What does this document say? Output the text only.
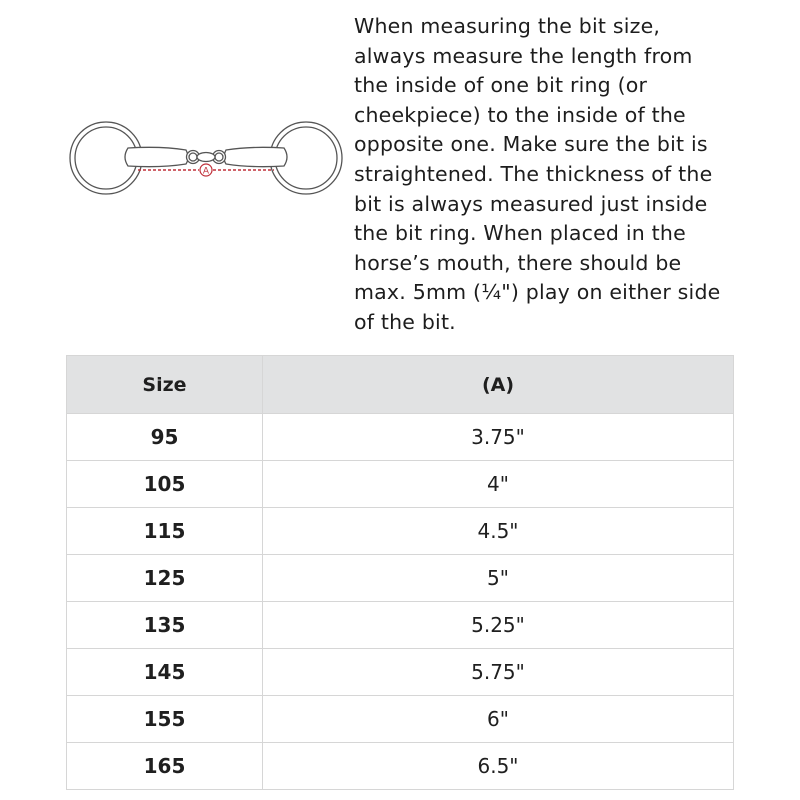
A
When measuring the bit size,
always measure the length from
the inside of one bit ring (or
cheekpiece) to the inside of the
opposite one. Make sure the bit is
straightened. The thickness of the
bit is always measured just inside
the bit ring. When placed in the
horse’s mouth, there should be
max. 5mm (¼") play on either side
of the bit.
Size	(A)
95	3.75"
105	4"
115	4.5"
125	5"
135	5.25"
145	5.75"
155	6"
165	6.5"
